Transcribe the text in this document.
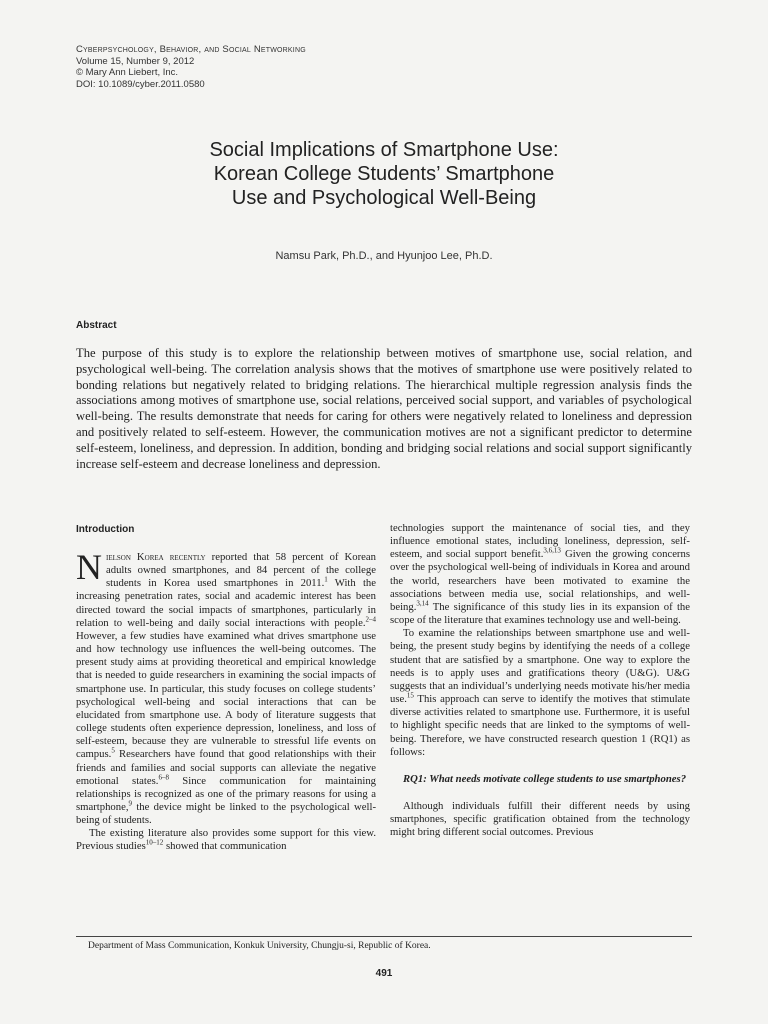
Cyberpsychology, Behavior, and Social Networking
Volume 15, Number 9, 2012
© Mary Ann Liebert, Inc.
DOI: 10.1089/cyber.2011.0580
Social Implications of Smartphone Use:
Korean College Students’ Smartphone
Use and Psychological Well-Being
Namsu Park, Ph.D., and Hyunjoo Lee, Ph.D.
Abstract
The purpose of this study is to explore the relationship between motives of smartphone use, social relation, and psychological well-being. The correlation analysis shows that the motives of smartphone use were positively related to bonding relations but negatively related to bridging relations. The hierarchical multiple regression analysis finds the associations among motives of smartphone use, social relations, perceived social support, and variables of psychological well-being. The results demonstrate that needs for caring for others were negatively related to loneliness and depression and positively related to self-esteem. However, the communication motives are not a significant predictor to determine self-esteem, loneliness, and depression. In addition, bonding and bridging social relations and social support significantly increase self-esteem and decrease loneliness and depression.
Introduction

Nielson Korea recently reported that 58 percent of Korean adults owned smartphones, and 84 percent of the college students in Korea used smartphones in 2011.$^1$ With the increasing penetration rates, social and academic interest has been directed toward the social impacts of smartphones, particularly in relation to well-being and daily social interactions with people.$^{2-4}$ However, a few studies have examined what drives smartphone use and how technology use influences the well-being outcomes. The present study aims at providing theoretical and empirical knowledge that is needed to guide researchers in examining the social impacts of smartphone use. In particular, this study focuses on college students’ psychological well-being and social interactions that can be elucidated from smartphone use. A body of literature suggests that college students often experience depression, loneliness, and loss of self-esteem, because they are vulnerable to stressful life events on campus.$^5$ Researchers have found that good relationships with their friends and families and social supports can alleviate the negative emotional states.$^{6-8}$ Since communication for maintaining relationships is recognized as one of the primary reasons for using a smartphone,$^9$ the device might be linked to the psychological well-being of students.

The existing literature also provides some support for this view. Previous studies$^{10-12}$ showed that communication

technologies support the maintenance of social ties, and they influence emotional states, including loneliness, depression, self-esteem, and social support benefit.$^{3,6,13}$ Given the growing concerns over the psychological well-being of individuals in Korea and around the world, researchers have been motivated to examine the associations between media use, social relationships, and well-being.$^{3,14}$ The significance of this study lies in its expansion of the scope of the literature that examines technology use and well-being.

To examine the relationships between smartphone use and well-being, the present study begins by identifying the needs of a college student that are satisfied by a smartphone. One way to explore the needs is to apply uses and gratifications theory (U&G). U&G suggests that an individual’s underlying needs motivate his/her media use.$^{15}$ This approach can serve to identify the motives that stimulate diverse activities related to smartphone use. Furthermore, it is useful to highlight specific needs that are linked to the symptoms of well-being. Therefore, we have constructed research question 1 (RQ1) as follows:

RQ1: What needs motivate college students to use smartphones?

Although individuals fulfill their different needs by using smartphones, specific gratification obtained from the technology might bring different social outcomes. Previous

Department of Mass Communication, Konkuk University, Chungju-si, Republic of Korea.
491
